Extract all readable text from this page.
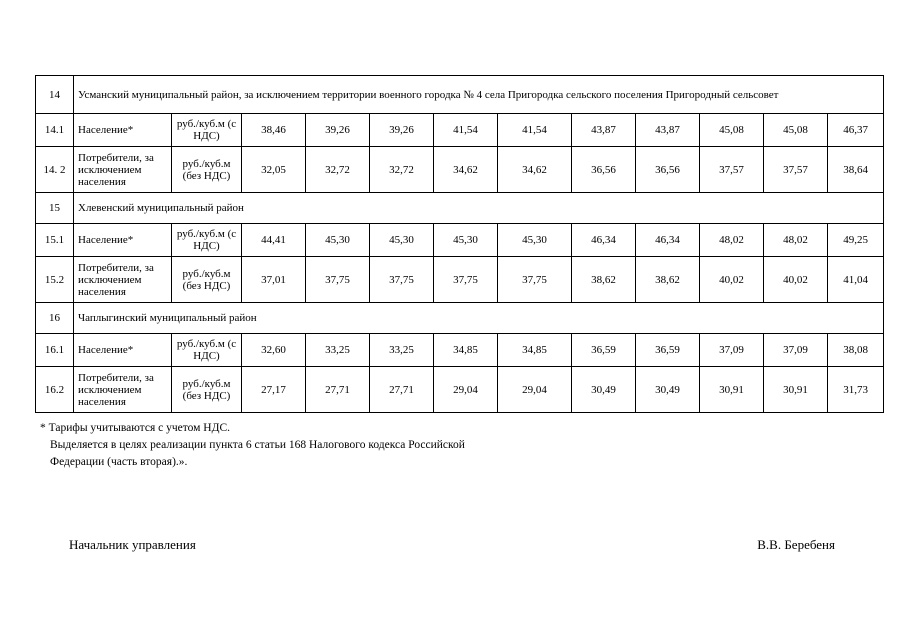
14	Усманский муниципальный район, за исключением территории военного городка № 4 села Пригородка сельского поселения Пригородный сельсовет											
14.1	Население*	руб./куб.м (с НДС)	38,46	39,26	39,26	41,54	41,54	43,87	43,87	45,08	45,08	46,37
14. 2	Потребители, за исключением населения	руб./куб.м (без НДС)	32,05	32,72	32,72	34,62	34,62	36,56	36,56	37,57	37,57	38,64
15	Хлевенский муниципальный район											
15.1	Население*	руб./куб.м (с НДС)	44,41	45,30	45,30	45,30	45,30	46,34	46,34	48,02	48,02	49,25
15.2	Потребители, за исключением населения	руб./куб.м (без НДС)	37,01	37,75	37,75	37,75	37,75	38,62	38,62	40,02	40,02	41,04
16	Чаплыгинский муниципальный район											
16.1	Население*	руб./куб.м (с НДС)	32,60	33,25	33,25	34,85	34,85	36,59	36,59	37,09	37,09	38,08
16.2	Потребители, за исключением населения	руб./куб.м (без НДС)	27,17	27,71	27,71	29,04	29,04	30,49	30,49	30,91	30,91	31,73
* Тарифы учитываются с учетом НДС.
Выделяется в целях реализации пункта 6 статьи 168 Налогового кодекса Российской
Федерации (часть вторая).».
Начальник управления	В.В. Беребеня
